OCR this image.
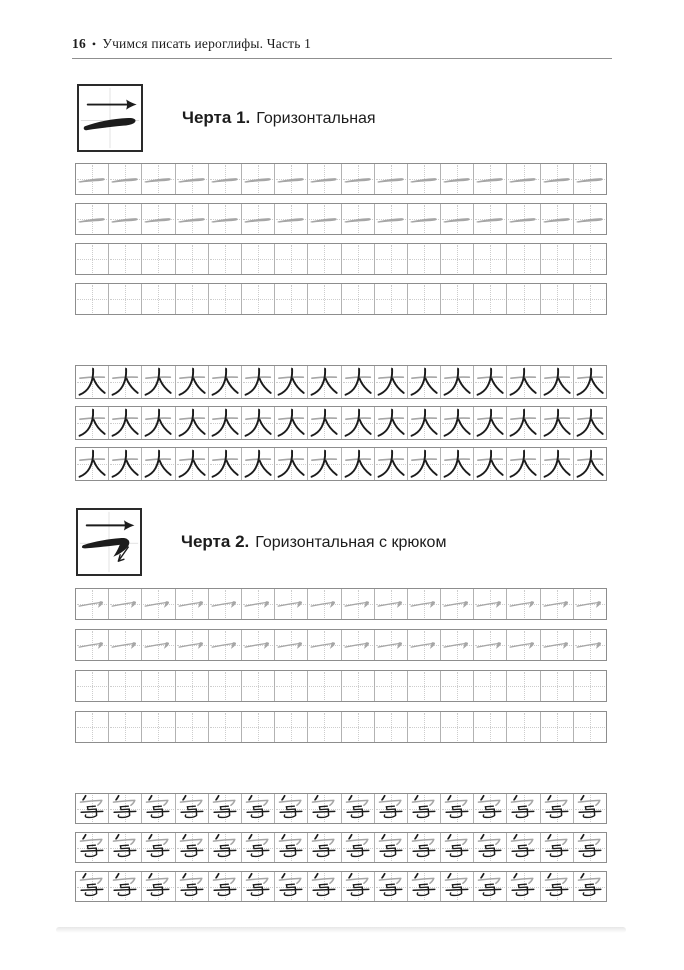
16 • Учимся писать иероглифы. Часть 1
Черта 1. Горизонтальная
Черта 2. Горизонтальная с крюком
